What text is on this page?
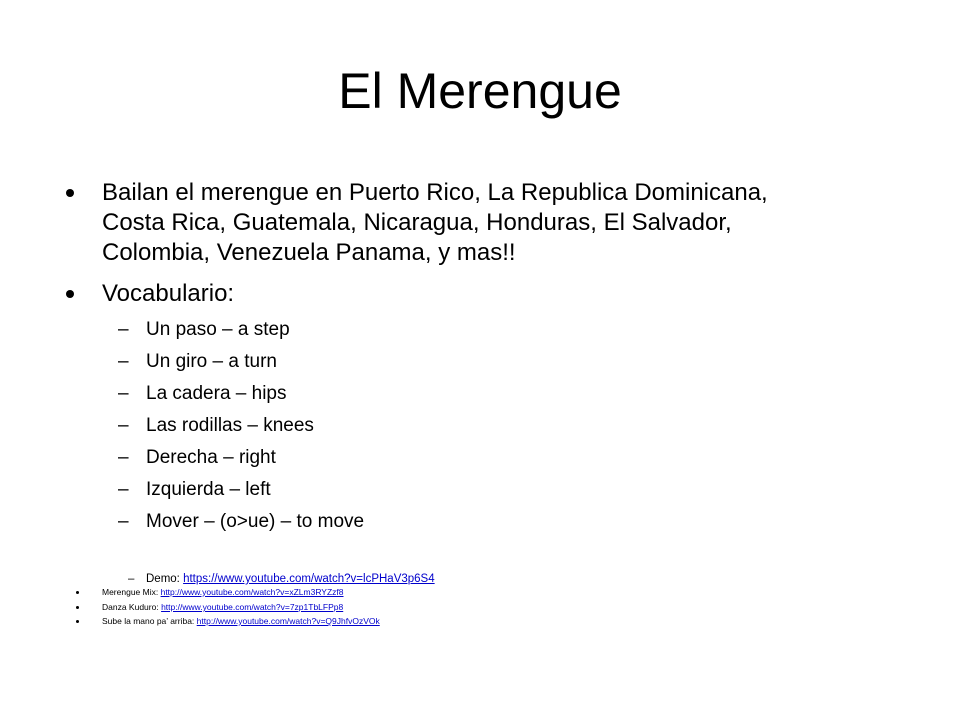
El Merengue
Bailan el merengue en Puerto Rico, La Republica Dominicana,
Costa Rica, Guatemala, Nicaragua, Honduras, El Salvador,
Colombia, Venezuela Panama, y mas!!
Vocabulario:
– Un paso – a step
– Un giro – a turn
– La cadera – hips
– Las rodillas – knees
– Derecha – right
– Izquierda – left
– Mover – (o>ue) – to move
– Demo: https://www.youtube.com/watch?v=lcPHaV3p6S4
Merengue Mix: http://www.youtube.com/watch?v=xZLm3RYZzf8
Danza Kuduro: http://www.youtube.com/watch?v=7zp1TbLFPp8
Sube la mano pa’ arriba: http://www.youtube.com/watch?v=Q9JhfvOzVOk
